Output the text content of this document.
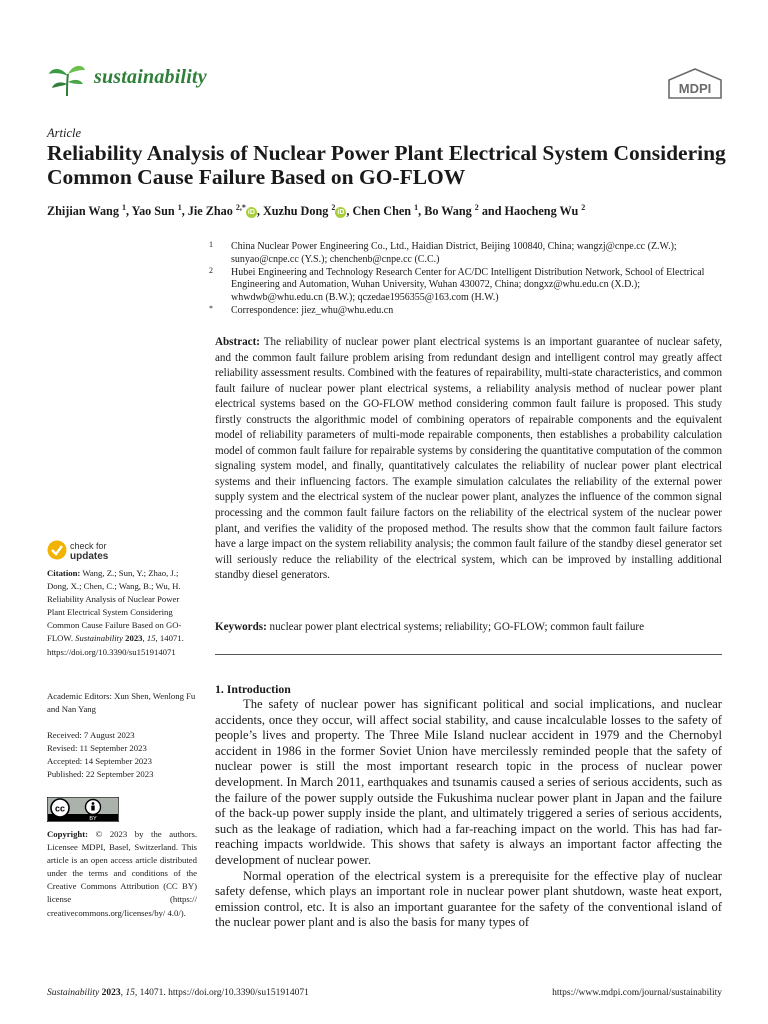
sustainability
MDPI
Article
Reliability Analysis of Nuclear Power Plant Electrical System Considering Common Cause Failure Based on GO-FLOW
Zhijian Wang $^1$, Yao Sun $^1$, Jie Zhao $^{2,*}$iD , Xuzhu Dong $^2$iD , Chen Chen $^1$, Bo Wang $^2$ and Haocheng Wu $^2$
1 China Nuclear Power Engineering Co., Ltd., Haidian District, Beijing 100840, China; wangzj@cnpe.cc (Z.W.); sunyao@cnpe.cc (Y.S.); chenchenb@cnpe.cc (C.C.)
2 Hubei Engineering and Technology Research Center for AC/DC Intelligent Distribution Network, School of Electrical Engineering and Automation, Wuhan University, Wuhan 430072, China; dongxz@whu.edu.cn (X.D.); whwdwb@whu.edu.cn (B.W.); qczedae1956355@163.com (H.W.)
* Correspondence: jiez_whu@whu.edu.cn
Abstract: The reliability of nuclear power plant electrical systems is an important guarantee of nuclear safety, and the common fault failure problem arising from redundant design and intelligent control may greatly affect reliability assessment results. Combined with the features of repairability, multi-state characteristics, and common fault failure of nuclear power plant electrical systems, a reliability analysis method of nuclear power plant electrical systems based on the GO-FLOW method considering common fault failure is proposed. This study firstly constructs the algorithmic model of combining operators of repairable components and the equivalent model of reliability parameters of multi-mode repairable components, then establishes a probability calculation model of common fault failure for repairable systems by considering the quantitative computation of the common signaling system model, and finally, quantitatively calculates the reliability of nuclear power plant electrical systems and their influencing factors. The example simulation calculates the reliability of the external power supply system and the electrical system of the nuclear power plant, analyzes the influence of the common signal processing and the common fault failure factors on the reliability of the electrical system of the nuclear power plant, and verifies the validity of the proposed method. The results show that the common fault failure factors have a large impact on the system reliability analysis; the common fault failure of the standby diesel generator set will seriously reduce the reliability of the electrical system, which can be improved by installing additional standby diesel generators.
Keywords: nuclear power plant electrical systems; reliability; GO-FLOW; common fault failure
check for
updates
Citation: Wang, Z.; Sun, Y.; Zhao, J.; Dong, X.; Chen, C.; Wang, B.; Wu, H. Reliability Analysis of Nuclear Power Plant Electrical System Considering Common Cause Failure Based on GO-FLOW. Sustainability 2023, 15, 14071. https://doi.org/10.3390/su151914071
Academic Editors: Xun Shen, Wenlong Fu and Nan Yang
Received: 7 August 2023
Revised: 11 September 2023
Accepted: 14 September 2023
Published: 22 September 2023
cc
BY
Copyright: © 2023 by the authors. Licensee MDPI, Basel, Switzerland. This article is an open access article distributed under the terms and conditions of the Creative Commons Attribution (CC BY) license (https:// creativecommons.org/licenses/by/ 4.0/).
1. Introduction

The safety of nuclear power has significant political and social implications, and nuclear accidents, once they occur, will affect social stability, and cause incalculable losses to the safety of people’s lives and property. The Three Mile Island nuclear accident in 1979 and the Chernobyl accident in 1986 in the former Soviet Union have mercilessly reminded people that the safety of nuclear power is still the most important research topic in the process of nuclear power development. In March 2011, earthquakes and tsunamis caused a series of serious accidents, such as the failure of the power supply outside the Fukushima nuclear power plant in Japan and the failure of the back-up power supply inside the plant, and ultimately triggered a series of serious accidents, such as the leakage of radiation, which had a far-reaching impact on the world. This has had far-reaching impacts worldwide. This shows that safety is always an important factor affecting the development of nuclear power.

Normal operation of the electrical system is a prerequisite for the effective play of nuclear safety defense, which plays an important role in nuclear power plant shutdown, waste heat export, emission control, etc. It is also an important guarantee for the safety of the conventional island of the nuclear power plant and is also the basis for many types of

Sustainability 2023, 15, 14071. https://doi.org/10.3390/su151914071	https://www.mdpi.com/journal/sustainability
